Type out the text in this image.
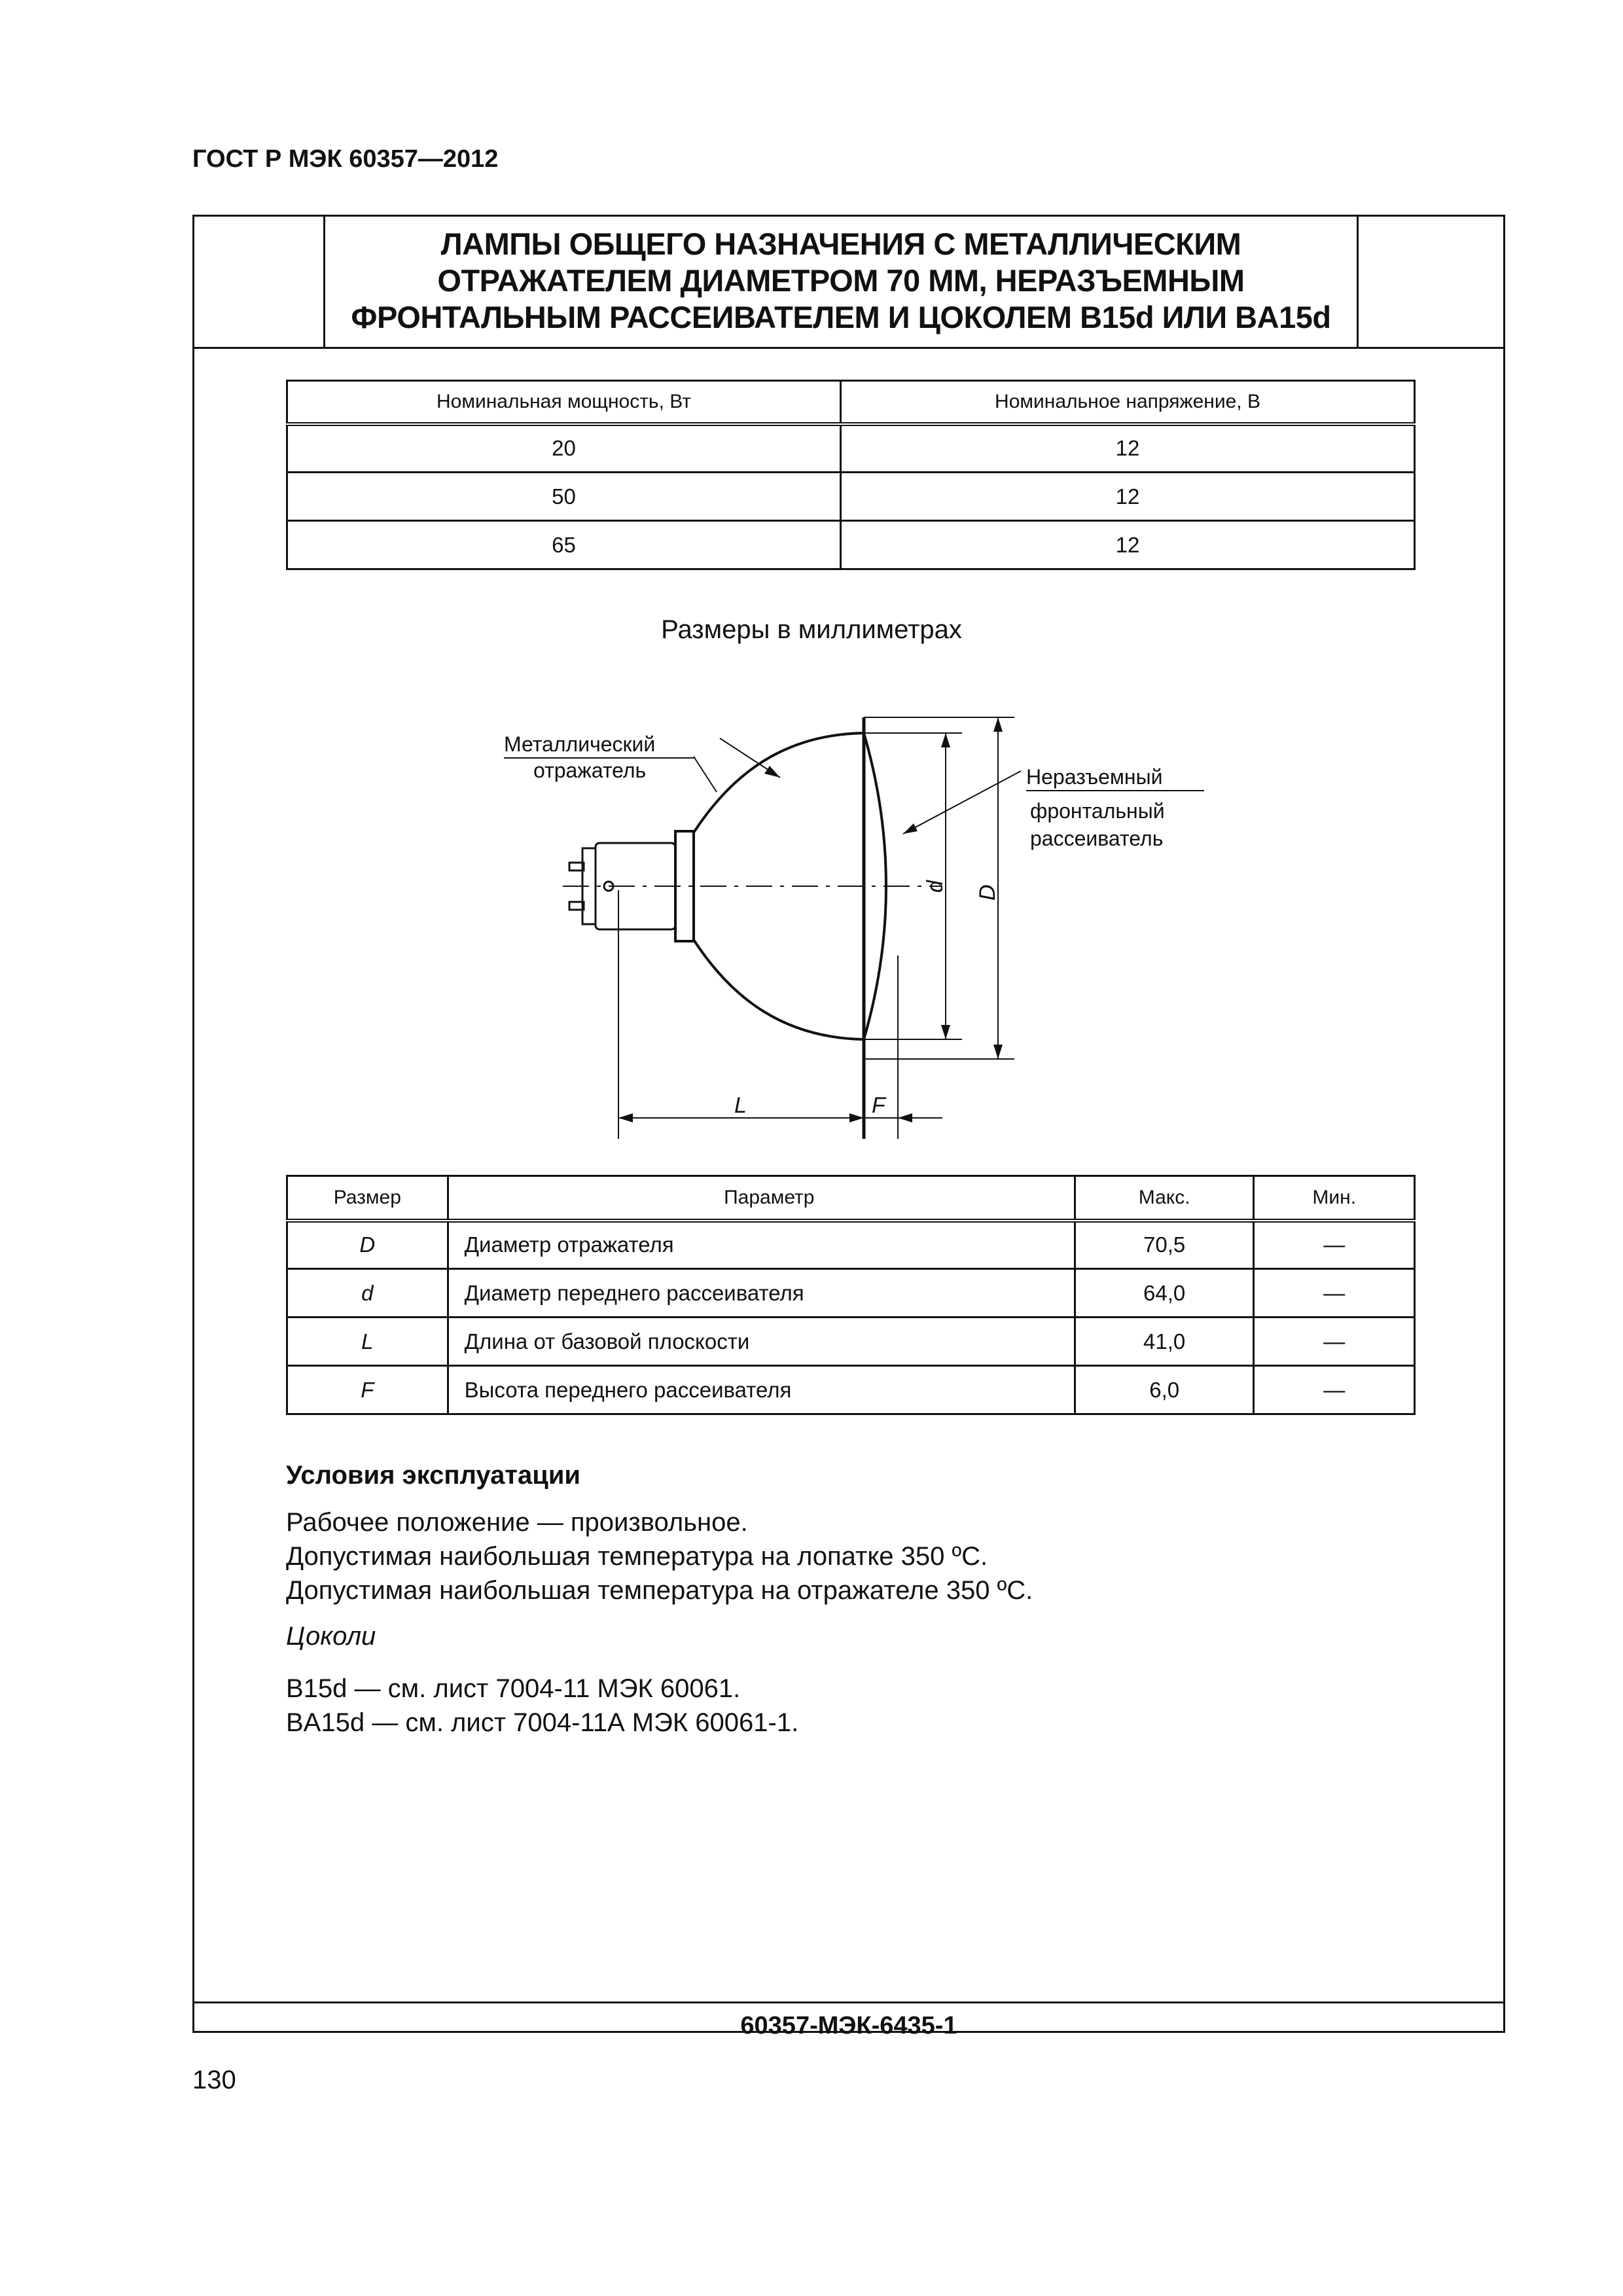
ГОСТ Р МЭК 60357—2012
ЛАМПЫ ОБЩЕГО НАЗНАЧЕНИЯ С МЕТАЛЛИЧЕСКИМ
ОТРАЖАТЕЛЕМ ДИАМЕТРОМ 70 ММ, НЕРАЗЪЕМНЫМ
ФРОНТАЛЬНЫМ РАССЕИВАТЕЛЕМ И ЦОКОЛЕМ B15d ИЛИ BA15d
Номинальная мощность, Вт	Номинальное напряжение, В
20	12
50	12
65	12
Размеры в миллиметрах
Металлический
отражатель	Неразъемный
фронтальный
рассеиватель
d D
L	F
Размер	Параметр	Макс.	Мин.
D	Диаметр отражателя	70,5	—
d	Диаметр переднего рассеивателя	64,0	—
L	Длина от базовой плоскости	41,0	—
F	Высота переднего рассеивателя	6,0	—
Условия эксплуатации
Рабочее положение — произвольное.
Допустимая наибольшая температура на лопатке 350 ºС.
Допустимая наибольшая температура на отражателе 350 ºС.
Цоколи
B15d — см. лист 7004-11 МЭК 60061.
BA15d — см. лист 7004-11А МЭК 60061-1.
60357-МЭК-6435-1
130
